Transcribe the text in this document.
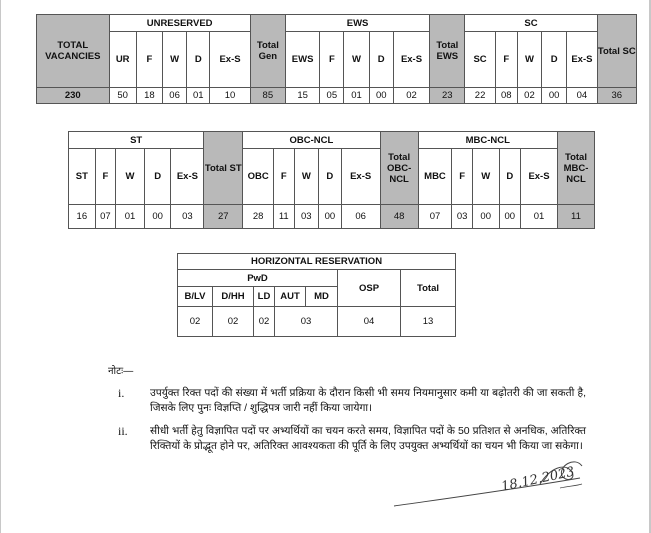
TOTAL VACANCIES	UNRESERVED					Total Gen	EWS					Total EWS	SC					Total SC
	UR	F	W	D	Ex-S		EWS	F	W	D	Ex-S		SC	F	W	D	Ex-S	
230	50	18	06	01	10	85	15	05	01	00	02	23	22	08	02	00	04	36
ST					Total ST	OBC-NCL					Total OBC-NCL	MBC-NCL					Total MBC-NCL
ST	F	W	D	Ex-S		OBC	F	W	D	Ex-S		MBC	F	W	D	Ex-S	
16	07	01	00	03	27	28	11	03	00	06	48	07	03	00	00	01	11
HORIZONTAL RESERVATION						
PwD					OSP	Total
B/LV	D/HH	LD	AUT	MD		
02	02	02	03		04	13
नोटः—
i. उपर्युक्त रिक्त पदों की संख्या में भर्ती प्रक्रिया के दौरान किसी भी समय नियमानुसार कमी या बढ़ोतरी की जा सकती है, जिसके लिए पुनः विज्ञप्ति / शुद्धिपत्र जारी नहीं किया जायेगा।
ii. सीधी भर्ती हेतु विज्ञापित पदों पर अभ्यर्थियों का चयन करते समय, विज्ञापित पदों के 50 प्रतिशत से अनधिक, अतिरिक्त रिक्तियों के प्रोद्भूत होने पर, अतिरिक्त आवश्यकता की पूर्ति के लिए उपयुक्त अभ्यर्थियों का चयन भी किया जा सकेगा।
18.12.2023
